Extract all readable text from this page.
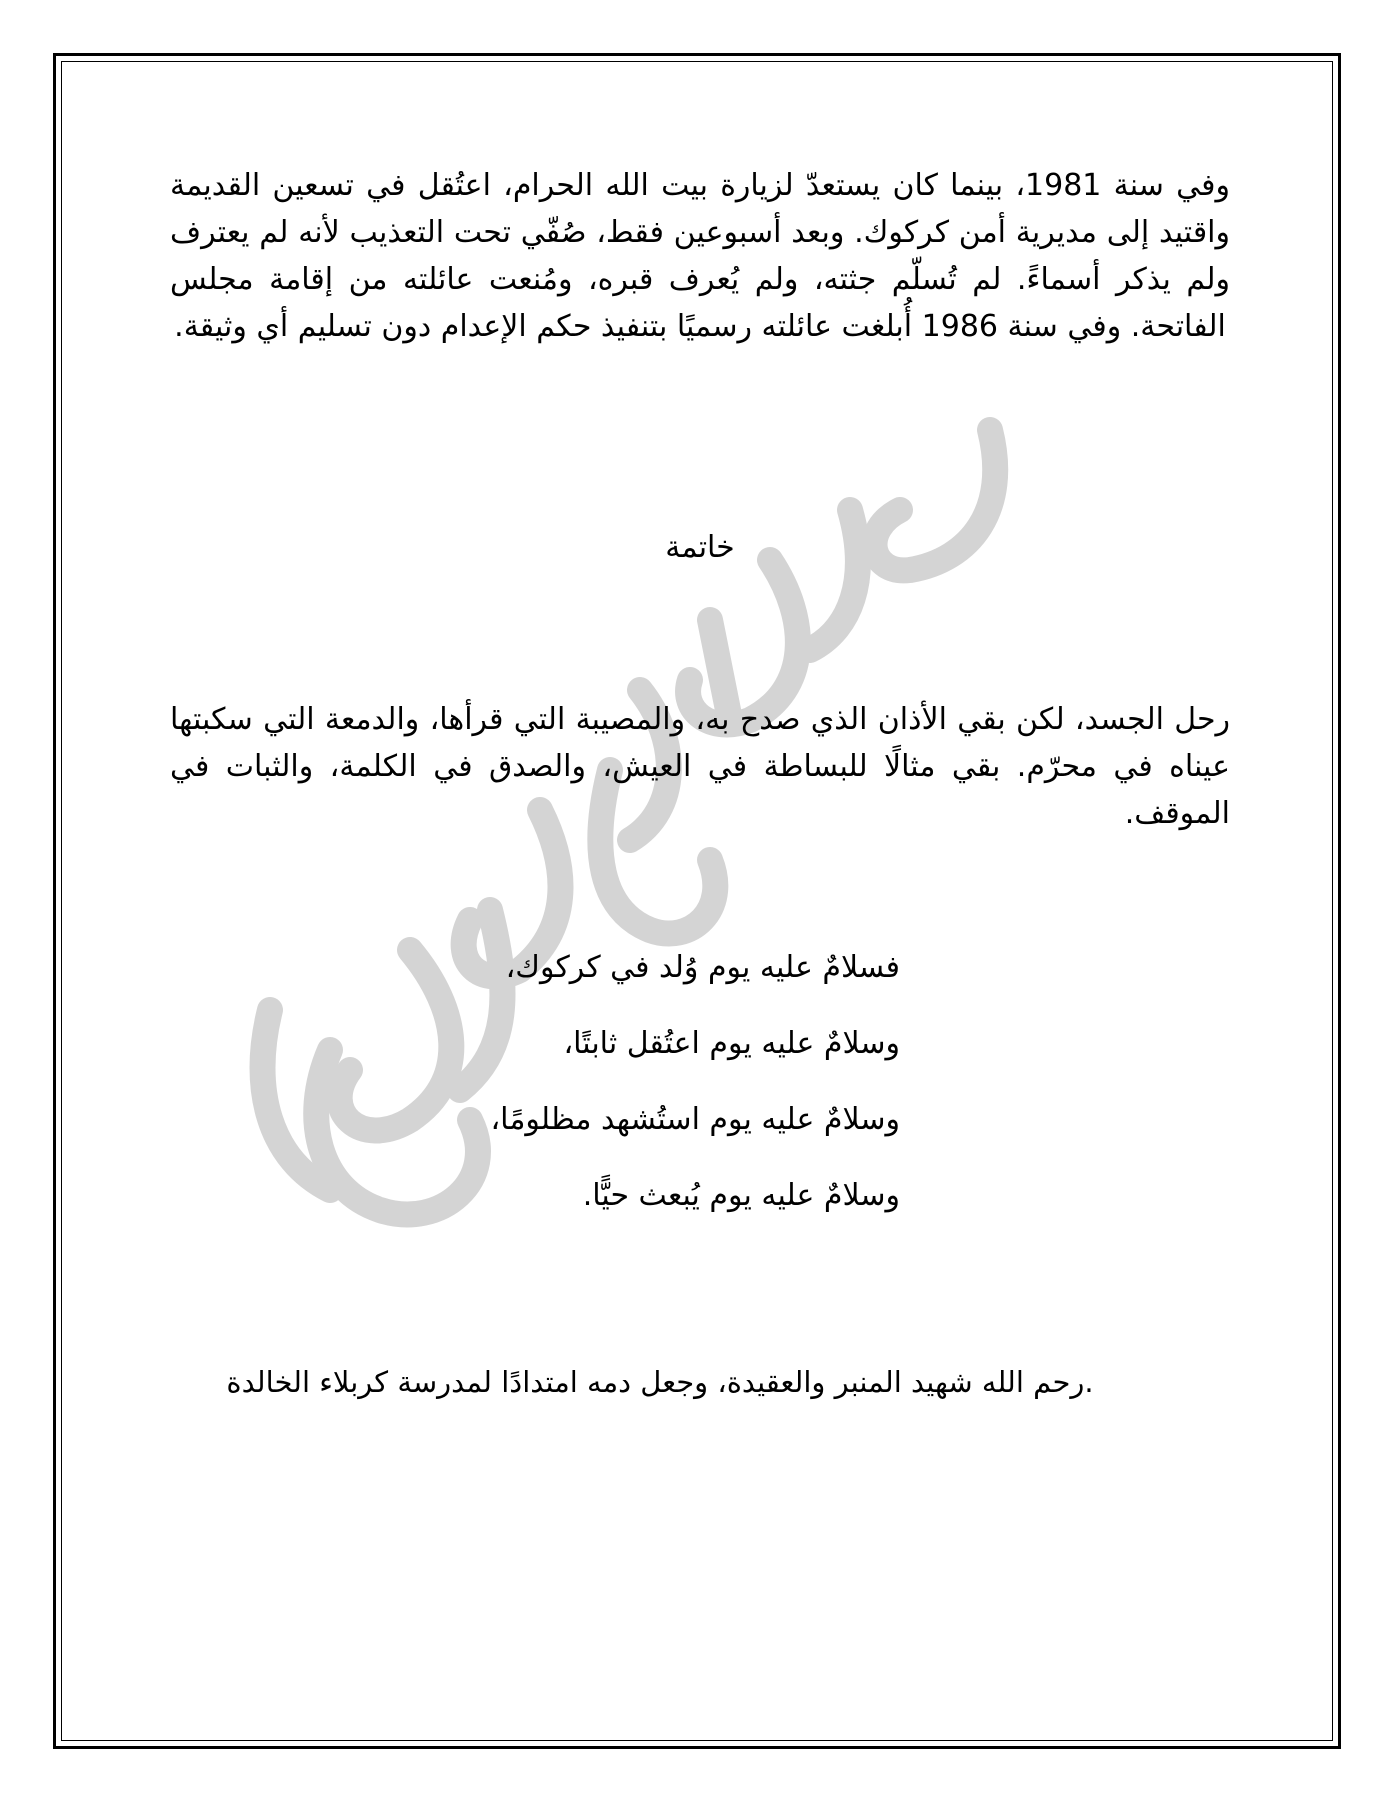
وفي سنة 1981، بينما كان يستعدّ لزيارة بيت الله الحرام، اعتُقل في تسعين القديمة واقتيد إلى مديرية أمن كركوك. وبعد أسبوعين فقط، صُفّي تحت التعذيب لأنه لم يعترف ولم يذكر أسماءً. لم تُسلّم جثته، ولم يُعرف قبره، ومُنعت عائلته من إقامة مجلس الفاتحة. وفي سنة 1986 أُبلغت عائلته رسميًا بتنفيذ حكم الإعدام دون تسليم أي وثيقة.
خاتمة
رحل الجسد، لكن بقي الأذان الذي صدح به، والمصيبة التي قرأها، والدمعة التي سكبتها عيناه في محرّم. بقي مثالًا للبساطة في العيش، والصدق في الكلمة، والثبات في الموقف.
فسلامٌ عليه يوم وُلد في كركوك،
وسلامٌ عليه يوم اعتُقل ثابتًا،
وسلامٌ عليه يوم استُشهد مظلومًا،
وسلامٌ عليه يوم يُبعث حيًّا.
.رحم الله شهيد المنبر والعقيدة، وجعل دمه امتدادًا لمدرسة كربلاء الخالدة
